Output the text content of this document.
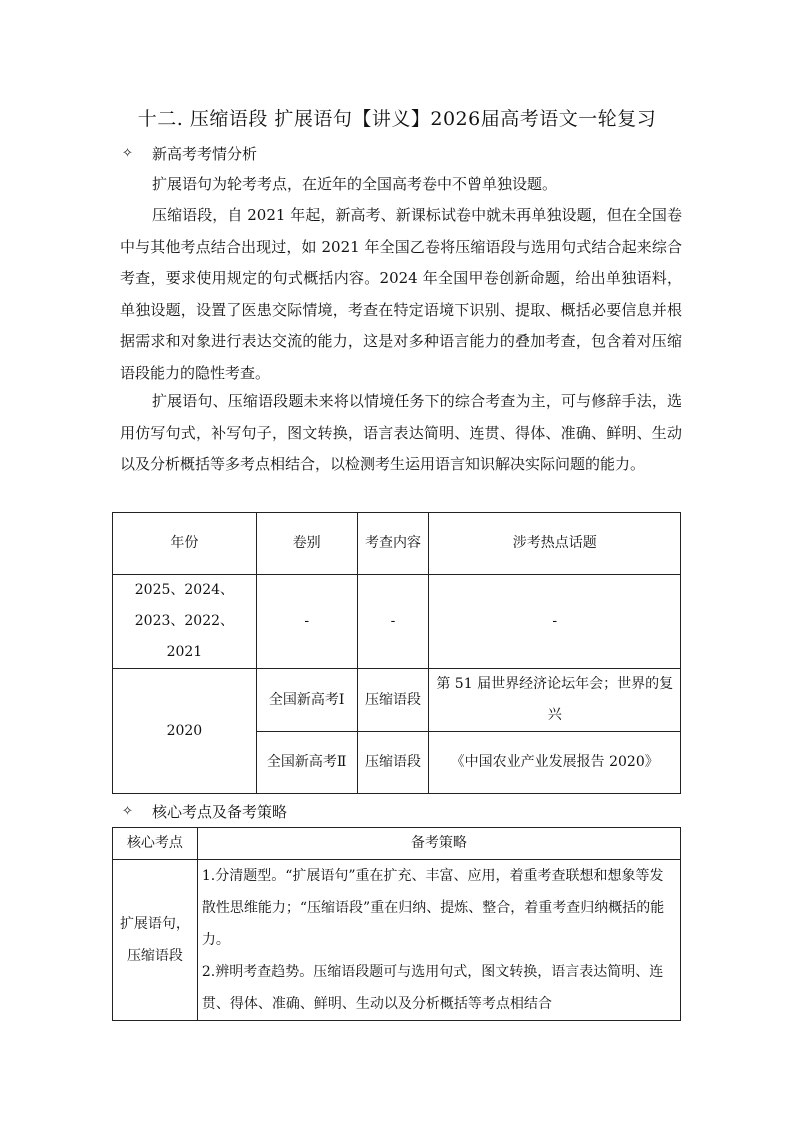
十二. 压缩语段 扩展语句【讲义】2026届高考语文一轮复习
✧	新高考考情分析

扩展语句为轮考考点，在近年的全国高考卷中不曾单独设题。

压缩语段，自 2021 年起，新高考、新课标试卷中就未再单独设题，但在全国卷中与其他考点结合出现过，如 2021 年全国乙卷将压缩语段与选用句式结合起来综合考查，要求使用规定的句式概括内容。2024 年全国甲卷创新命题，给出单独语料，单独设题，设置了医患交际情境，考查在特定语境下识别、提取、概括必要信息并根据需求和对象进行表达交流的能力，这是对多种语言能力的叠加考查，包含着对压缩语段能力的隐性考查。

扩展语句、压缩语段题未来将以情境任务下的综合考查为主，可与修辞手法，选用仿写句式，补写句子，图文转换，语言表达简明、连贯、得体、准确、鲜明、生动以及分析概括等多考点相结合，以检测考生运用语言知识解决实际问题的能力。

年份	卷别	考查内容	涉考热点话题
2025、2024、2023、2022、2021	-	-	-
2020	全国新高考Ⅰ	压缩语段	第 51 届世界经济论坛年会；世界的复兴
	全国新高考Ⅱ	压缩语段	《中国农业产业发展报告 2020》
✧	核心考点及备考策略
核心考点	备考策略
扩展语句，压缩语段	1.分清题型。“扩展语句”重在扩充、丰富、应用，着重考查联想和想象等发散性思维能力；“压缩语段”重在归纳、提炼、整合，着重考查归纳概括的能力。
2.辨明考查趋势。压缩语段题可与选用句式，图文转换，语言表达简明、连贯、得体、准确、鲜明、生动以及分析概括等考点相结合
